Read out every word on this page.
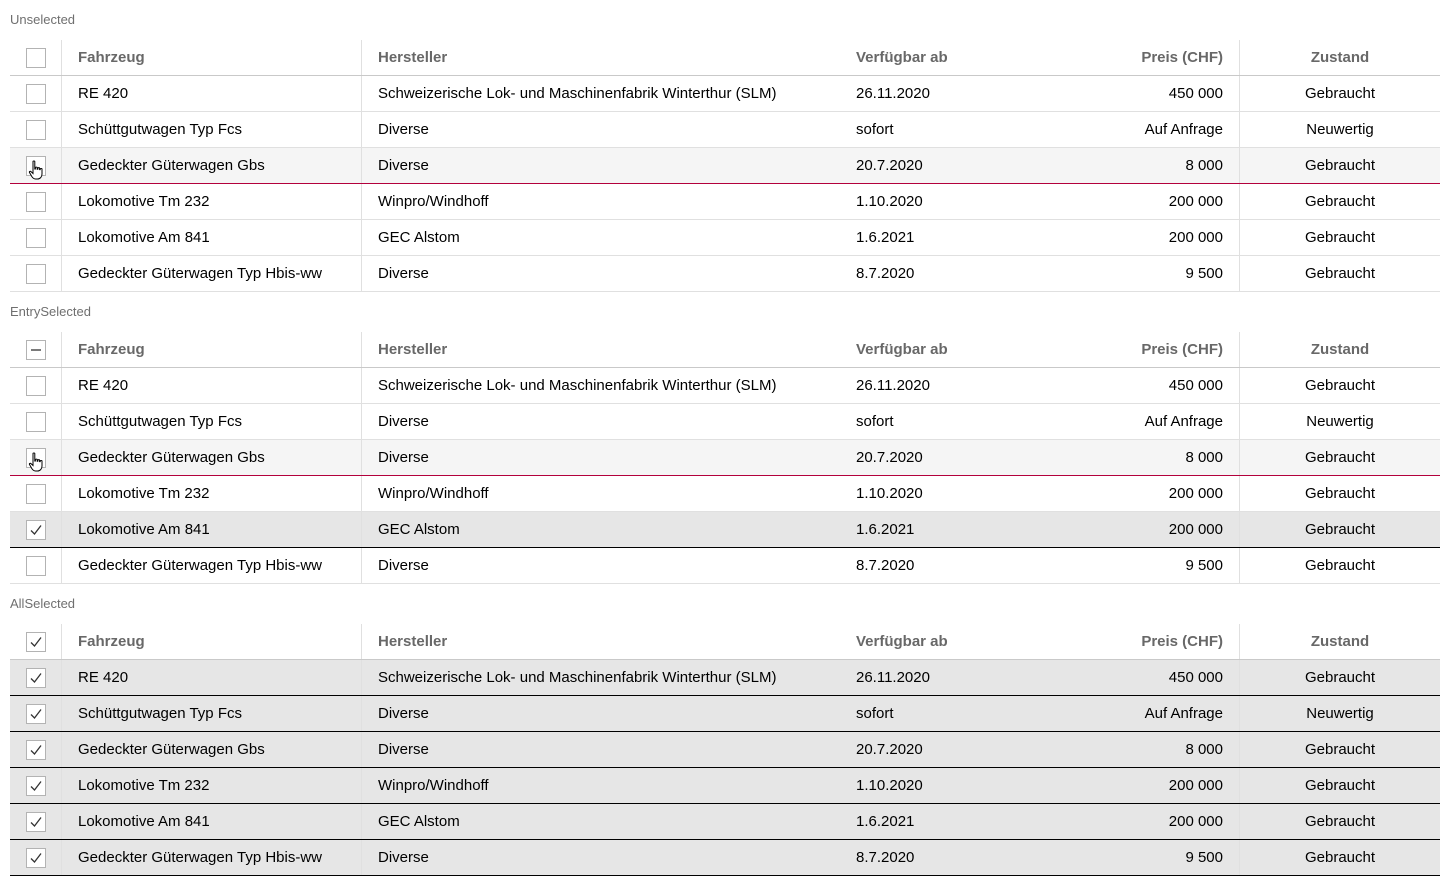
Unselected
Fahrzeug	Hersteller	Verfügbar ab	Preis (CHF)	Zustand
RE 420	Schweizerische Lok- und Maschinenfabrik Winterthur (SLM)	26.11.2020	450 000	Gebraucht
Schüttgutwagen Typ Fcs	Diverse	sofort	Auf Anfrage	Neuwertig
Gedeckter Güterwagen Gbs	Diverse	20.7.2020	8 000	Gebraucht
Lokomotive Tm 232	Winpro/Windhoff	1.10.2020	200 000	Gebraucht
Lokomotive Am 841	GEC Alstom	1.6.2021	200 000	Gebraucht
Gedeckter Güterwagen Typ Hbis-ww	Diverse	8.7.2020	9 500	Gebraucht
EntrySelected
Fahrzeug	Hersteller	Verfügbar ab	Preis (CHF)	Zustand
RE 420	Schweizerische Lok- und Maschinenfabrik Winterthur (SLM)	26.11.2020	450 000	Gebraucht
Schüttgutwagen Typ Fcs	Diverse	sofort	Auf Anfrage	Neuwertig
Gedeckter Güterwagen Gbs	Diverse	20.7.2020	8 000	Gebraucht
Lokomotive Tm 232	Winpro/Windhoff	1.10.2020	200 000	Gebraucht
Lokomotive Am 841	GEC Alstom	1.6.2021	200 000	Gebraucht
Gedeckter Güterwagen Typ Hbis-ww	Diverse	8.7.2020	9 500	Gebraucht
AllSelected
Fahrzeug	Hersteller	Verfügbar ab	Preis (CHF)	Zustand
RE 420	Schweizerische Lok- und Maschinenfabrik Winterthur (SLM)	26.11.2020	450 000	Gebraucht
Schüttgutwagen Typ Fcs	Diverse	sofort	Auf Anfrage	Neuwertig
Gedeckter Güterwagen Gbs	Diverse	20.7.2020	8 000	Gebraucht
Lokomotive Tm 232	Winpro/Windhoff	1.10.2020	200 000	Gebraucht
Lokomotive Am 841	GEC Alstom	1.6.2021	200 000	Gebraucht
Gedeckter Güterwagen Typ Hbis-ww	Diverse	8.7.2020	9 500	Gebraucht
